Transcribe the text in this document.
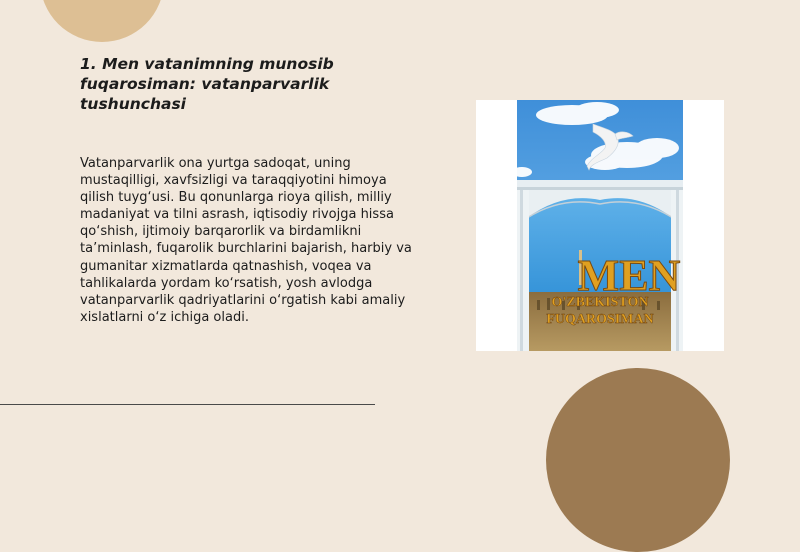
1. Men vatanimning munosib fuqarosiman: vatanparvarlik tushunchasi

Vatanparvarlik ona yurtga sadoqat, uning mustaqilligi, xavfsizligi va taraqqiyotini himoya qilish tuyg‘usi. Bu qonunlarga rioya qilish, milliy madaniyat va tilni asrash, iqtisodiy rivojga hissa qo‘shish, ijtimoiy barqarorlik va birdamlikni ta’minlash, fuqarolik burchlarini bajarish, harbiy va gumanitar xizmatlarda qatnashish, voqea va tahlikalarda yordam ko‘rsatish, yosh avlodga vatanparvarlik qadriyatlarini o‘rgatish kabi amaliy xislatlarni o‘z ichiga oladi.

MEN
O'ZBEKISTON
FUQAROSIMAN
